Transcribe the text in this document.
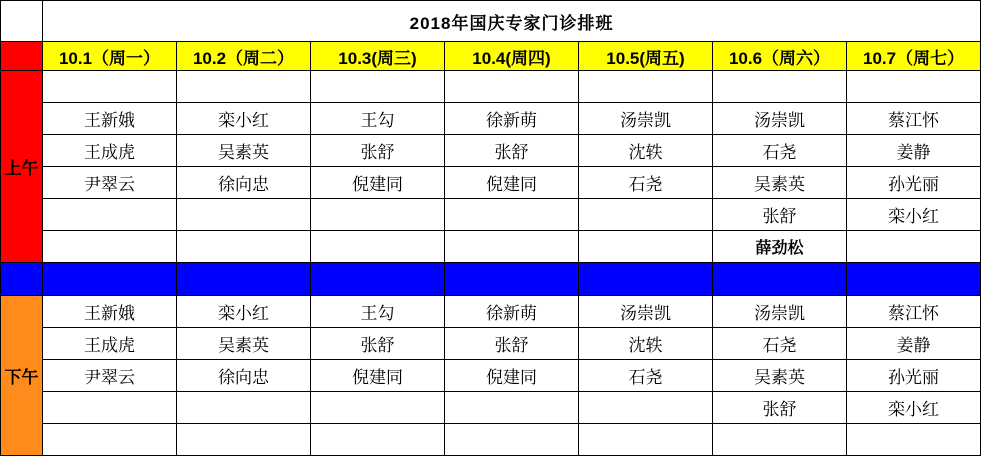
	2018年国庆专家门诊排班						
	10.1（周一）	10.2（周二）	10.3(周三)	10.4(周四)	10.5(周五)	10.6（周六）	10.7（周七）

上午							

	王新娥	栾小红	王勾	徐新萌	汤崇凯	汤崇凯	蔡江怀
	王成虎	吴素英	张舒	张舒	沈轶	石尧	姜静
	尹翠云	徐向忠	倪建同	倪建同	石尧	吴素英	孙光丽
						张舒	栾小红
						薛劲松	

下午	王新娥	栾小红	王勾	徐新萌	汤崇凯	汤崇凯	蔡江怀
	王成虎	吴素英	张舒	张舒	沈轶	石尧	姜静
	尹翠云	徐向忠	倪建同	倪建同	石尧	吴素英	孙光丽
						张舒	栾小红
